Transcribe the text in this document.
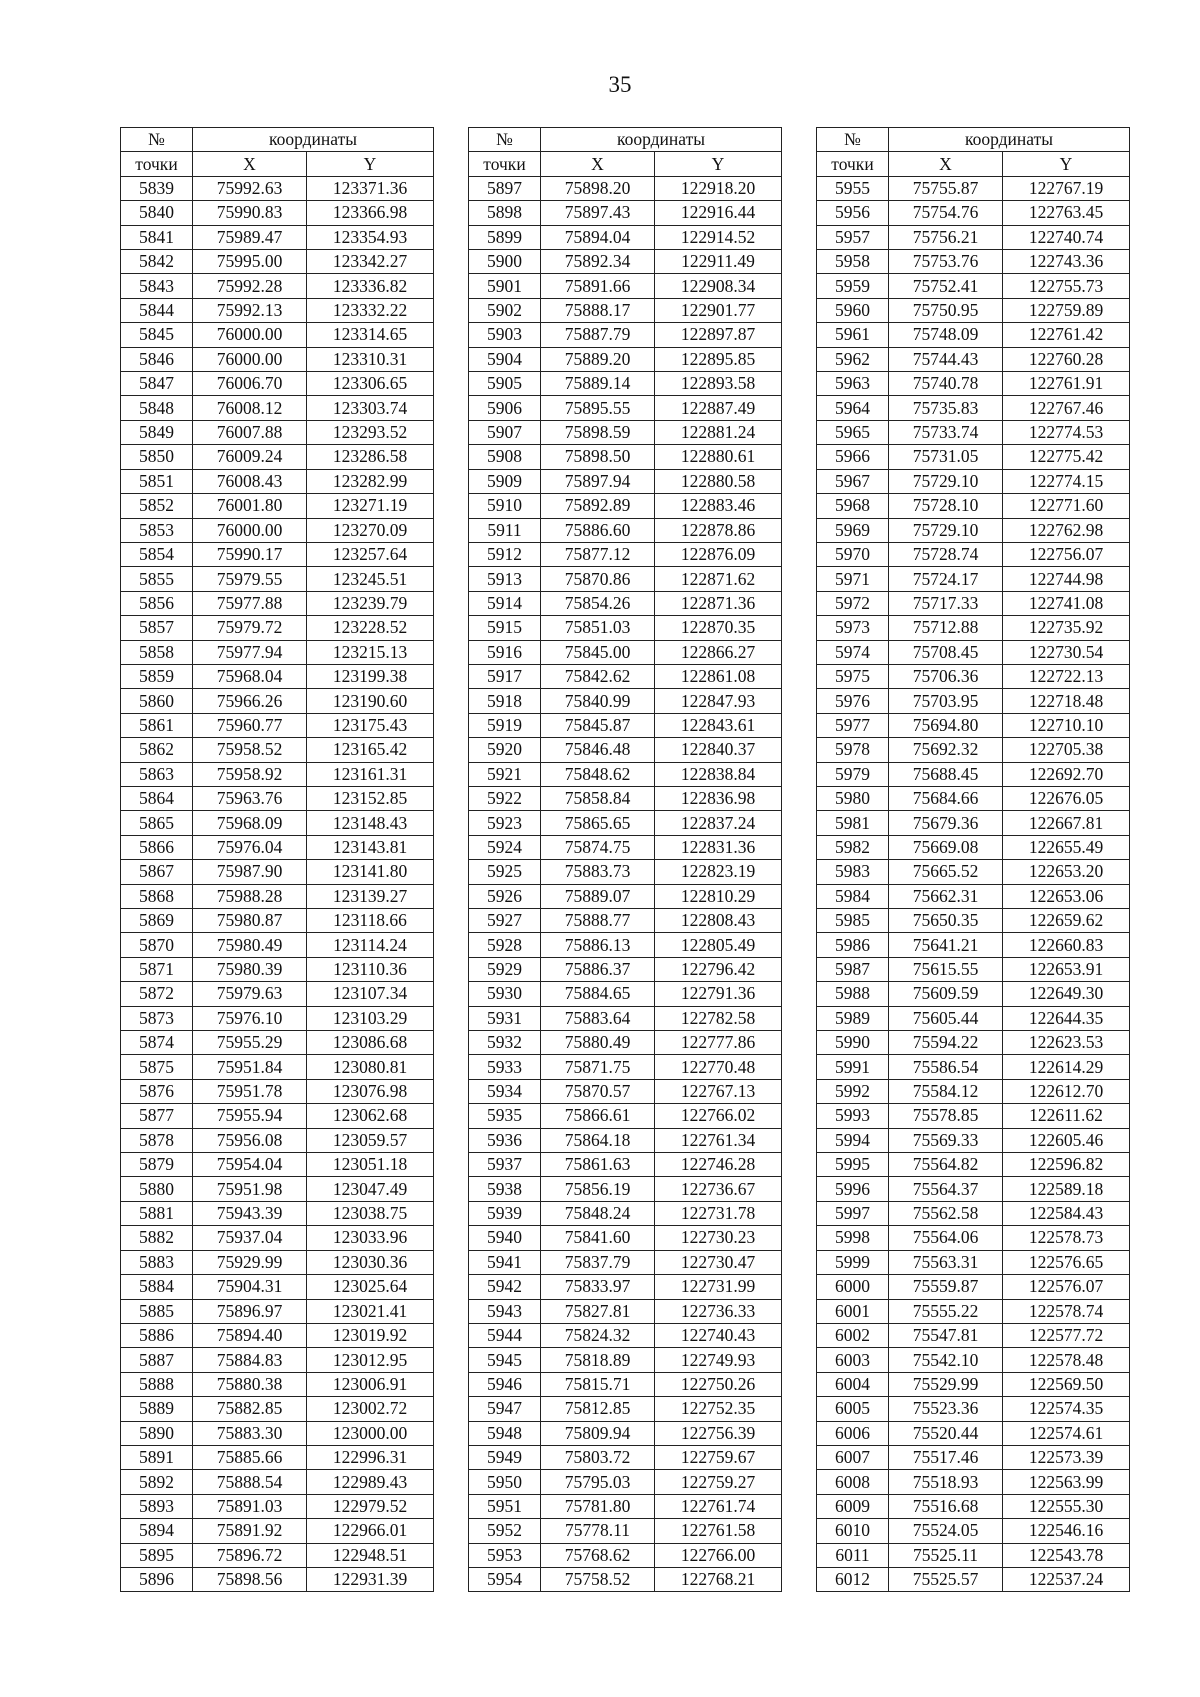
35
№	координаты	
точки	X	Y
5839	75992.63	123371.36
5840	75990.83	123366.98
5841	75989.47	123354.93
5842	75995.00	123342.27
5843	75992.28	123336.82
5844	75992.13	123332.22
5845	76000.00	123314.65
5846	76000.00	123310.31
5847	76006.70	123306.65
5848	76008.12	123303.74
5849	76007.88	123293.52
5850	76009.24	123286.58
5851	76008.43	123282.99
5852	76001.80	123271.19
5853	76000.00	123270.09
5854	75990.17	123257.64
5855	75979.55	123245.51
5856	75977.88	123239.79
5857	75979.72	123228.52
5858	75977.94	123215.13
5859	75968.04	123199.38
5860	75966.26	123190.60
5861	75960.77	123175.43
5862	75958.52	123165.42
5863	75958.92	123161.31
5864	75963.76	123152.85
5865	75968.09	123148.43
5866	75976.04	123143.81
5867	75987.90	123141.80
5868	75988.28	123139.27
5869	75980.87	123118.66
5870	75980.49	123114.24
5871	75980.39	123110.36
5872	75979.63	123107.34
5873	75976.10	123103.29
5874	75955.29	123086.68
5875	75951.84	123080.81
5876	75951.78	123076.98
5877	75955.94	123062.68
5878	75956.08	123059.57
5879	75954.04	123051.18
5880	75951.98	123047.49
5881	75943.39	123038.75
5882	75937.04	123033.96
5883	75929.99	123030.36
5884	75904.31	123025.64
5885	75896.97	123021.41
5886	75894.40	123019.92
5887	75884.83	123012.95
5888	75880.38	123006.91
5889	75882.85	123002.72
5890	75883.30	123000.00
5891	75885.66	122996.31
5892	75888.54	122989.43
5893	75891.03	122979.52
5894	75891.92	122966.01
5895	75896.72	122948.51
5896	75898.56	122931.39
№	координаты	
точки	X	Y
5897	75898.20	122918.20
5898	75897.43	122916.44
5899	75894.04	122914.52
5900	75892.34	122911.49
5901	75891.66	122908.34
5902	75888.17	122901.77
5903	75887.79	122897.87
5904	75889.20	122895.85
5905	75889.14	122893.58
5906	75895.55	122887.49
5907	75898.59	122881.24
5908	75898.50	122880.61
5909	75897.94	122880.58
5910	75892.89	122883.46
5911	75886.60	122878.86
5912	75877.12	122876.09
5913	75870.86	122871.62
5914	75854.26	122871.36
5915	75851.03	122870.35
5916	75845.00	122866.27
5917	75842.62	122861.08
5918	75840.99	122847.93
5919	75845.87	122843.61
5920	75846.48	122840.37
5921	75848.62	122838.84
5922	75858.84	122836.98
5923	75865.65	122837.24
5924	75874.75	122831.36
5925	75883.73	122823.19
5926	75889.07	122810.29
5927	75888.77	122808.43
5928	75886.13	122805.49
5929	75886.37	122796.42
5930	75884.65	122791.36
5931	75883.64	122782.58
5932	75880.49	122777.86
5933	75871.75	122770.48
5934	75870.57	122767.13
5935	75866.61	122766.02
5936	75864.18	122761.34
5937	75861.63	122746.28
5938	75856.19	122736.67
5939	75848.24	122731.78
5940	75841.60	122730.23
5941	75837.79	122730.47
5942	75833.97	122731.99
5943	75827.81	122736.33
5944	75824.32	122740.43
5945	75818.89	122749.93
5946	75815.71	122750.26
5947	75812.85	122752.35
5948	75809.94	122756.39
5949	75803.72	122759.67
5950	75795.03	122759.27
5951	75781.80	122761.74
5952	75778.11	122761.58
5953	75768.62	122766.00
5954	75758.52	122768.21
№	координаты	
точки	X	Y
5955	75755.87	122767.19
5956	75754.76	122763.45
5957	75756.21	122740.74
5958	75753.76	122743.36
5959	75752.41	122755.73
5960	75750.95	122759.89
5961	75748.09	122761.42
5962	75744.43	122760.28
5963	75740.78	122761.91
5964	75735.83	122767.46
5965	75733.74	122774.53
5966	75731.05	122775.42
5967	75729.10	122774.15
5968	75728.10	122771.60
5969	75729.10	122762.98
5970	75728.74	122756.07
5971	75724.17	122744.98
5972	75717.33	122741.08
5973	75712.88	122735.92
5974	75708.45	122730.54
5975	75706.36	122722.13
5976	75703.95	122718.48
5977	75694.80	122710.10
5978	75692.32	122705.38
5979	75688.45	122692.70
5980	75684.66	122676.05
5981	75679.36	122667.81
5982	75669.08	122655.49
5983	75665.52	122653.20
5984	75662.31	122653.06
5985	75650.35	122659.62
5986	75641.21	122660.83
5987	75615.55	122653.91
5988	75609.59	122649.30
5989	75605.44	122644.35
5990	75594.22	122623.53
5991	75586.54	122614.29
5992	75584.12	122612.70
5993	75578.85	122611.62
5994	75569.33	122605.46
5995	75564.82	122596.82
5996	75564.37	122589.18
5997	75562.58	122584.43
5998	75564.06	122578.73
5999	75563.31	122576.65
6000	75559.87	122576.07
6001	75555.22	122578.74
6002	75547.81	122577.72
6003	75542.10	122578.48
6004	75529.99	122569.50
6005	75523.36	122574.35
6006	75520.44	122574.61
6007	75517.46	122573.39
6008	75518.93	122563.99
6009	75516.68	122555.30
6010	75524.05	122546.16
6011	75525.11	122543.78
6012	75525.57	122537.24
